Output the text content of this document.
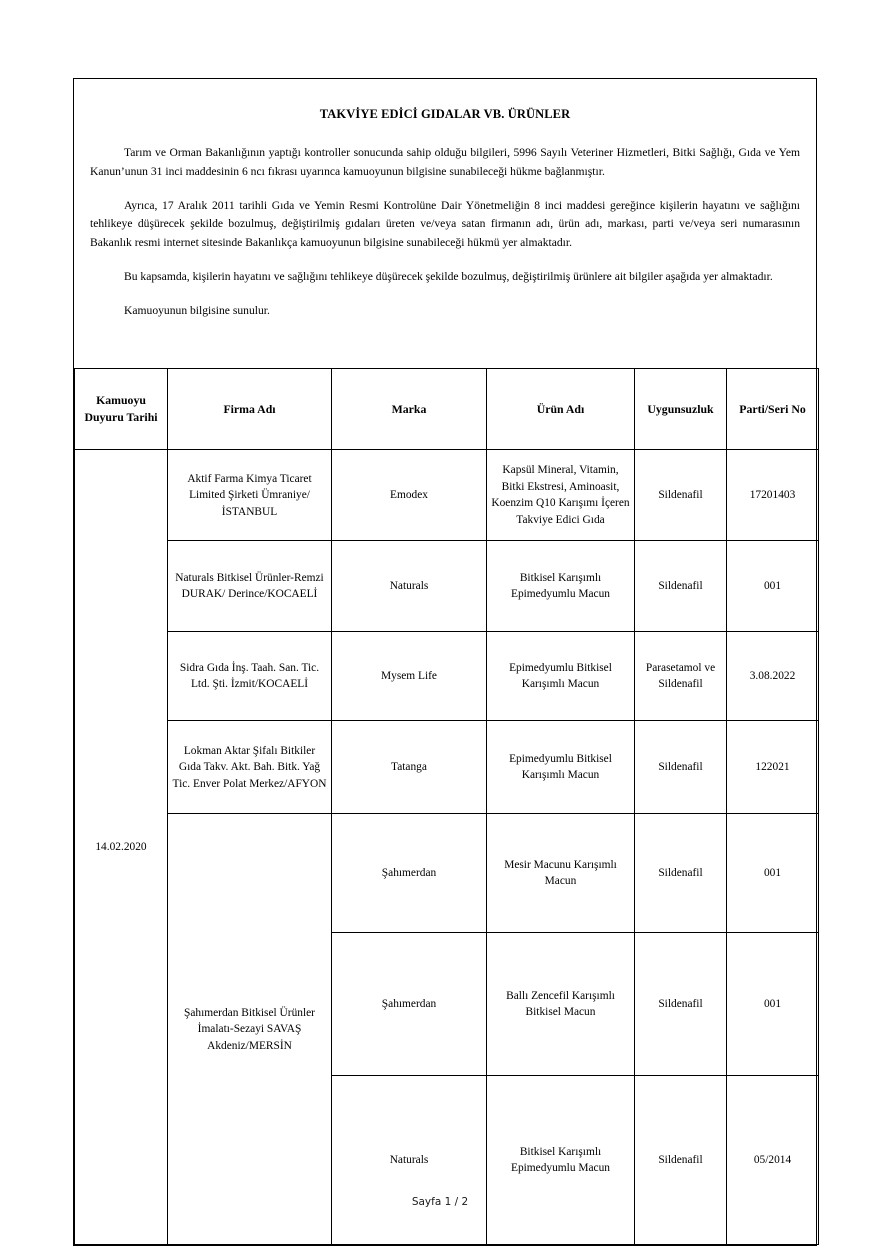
TAKVİYE EDİCİ GIDALAR VB. ÜRÜNLER

Tarım ve Orman Bakanlığının yaptığı kontroller sonucunda sahip olduğu bilgileri, 5996 Sayılı Veteriner Hizmetleri, Bitki Sağlığı, Gıda ve Yem Kanun’unun 31 inci maddesinin 6 ncı fıkrası uyarınca kamuoyunun bilgisine sunabileceği hükme bağlanmıştır.

Ayrıca, 17 Aralık 2011 tarihli Gıda ve Yemin Resmi Kontrolüne Dair Yönetmeliğin 8 inci maddesi gereğince kişilerin hayatını ve sağlığını tehlikeye düşürecek şekilde bozulmuş, değiştirilmiş gıdaları üreten ve/veya satan firmanın adı, ürün adı, markası, parti ve/veya seri numarasının Bakanlık resmi internet sitesinde Bakanlıkça kamuoyunun bilgisine sunabileceği hükmü yer almaktadır.

Bu kapsamda, kişilerin hayatını ve sağlığını tehlikeye düşürecek şekilde bozulmuş, değiştirilmiş ürünlere ait bilgiler aşağıda yer almaktadır.

Kamuoyunun bilgisine sunulur.

Kamuoyu
Duyuru Tarihi	Firma Adı	Marka	Ürün Adı	Uygunsuzluk	Parti/Seri No
14.02.2020	Aktif Farma Kimya Ticaret Limited Şirketi Ümraniye/İSTANBUL	Emodex	Kapsül Mineral, Vitamin, Bitki Ekstresi, Aminoasit, Koenzim Q10 Karışımı İçeren Takviye Edici Gıda	Sildenafil	17201403
	Naturals Bitkisel Ürünler-Remzi DURAK/ Derince/KOCAELİ	Naturals	Bitkisel Karışımlı Epimedyumlu Macun	Sildenafil	001
	Sidra Gıda İnş. Taah. San. Tic. Ltd. Şti. İzmit/KOCAELİ	Mysem Life	Epimedyumlu Bitkisel Karışımlı Macun	Parasetamol ve Sildenafil	3.08.2022
	Lokman Aktar Şifalı Bitkiler Gıda Takv. Akt. Bah. Bitk. Yağ Tic. Enver Polat Merkez/AFYON	Tatanga	Epimedyumlu Bitkisel Karışımlı Macun	Sildenafil	122021
	Şahımerdan Bitkisel Ürünler İmalatı-Sezayi SAVAŞ Akdeniz/MERSİN	Şahımerdan	Mesir Macunu Karışımlı Macun	Sildenafil	001
		Şahımerdan	Ballı Zencefil Karışımlı Bitkisel Macun	Sildenafil	001
		Naturals	Bitkisel Karışımlı Epimedyumlu Macun	Sildenafil	05/2014
Sayfa 1 / 2
